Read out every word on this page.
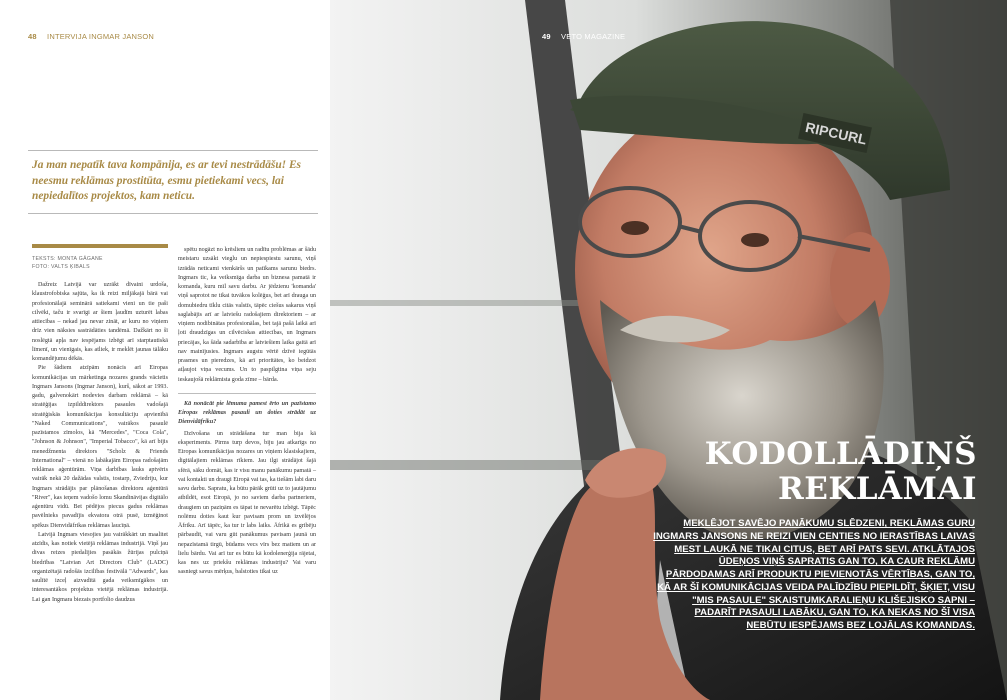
48 INTERVIJA INGMAR JANSON
Ja man nepatīk tava kompānija, es ar tevi nestrādāšu! Es neesmu reklāmas prostitūta, esmu pietiekami vecs, lai nepiedalītos projektos, kam neticu.
TEKSTS: MONTA GĀGANE
FOTO: VALTS ĶIBALS

Dažreiz Latvijā var uzrākt dīvaini urdoša, klaustrofobiska sajūta, ka ik reizi miljākajā bārā vai profesionālajā seminārā satiekami vieni un tie paši cilvēki, taču ir svarīgi ar šiem ļaudīm uzturēt labas attiecības – nekad jau nevar zināt, ar kuru no viņiem drīz vien nāksies sastrādāties tandēmā. Dažkārt no šī noslēgtā apļa nav iespējams izbēgt arī starptautiskā līmenī, un vienīgais, kas atliek, ir meklēt jaunas tālāku komandējumu dēkās.

Pie šādiem atzīpām nonācis arī Eiropas komunikācijas un mārketinga nozares grands vācietis Ingmars Jansons (Ingmar Janson), kurš, sākot ar 1993. gadu, galvenokārt nodevies darbam reklāmā – kā stratēģijas izpilddirektors pasaules vadošajā stratēģiskās komunikācijas konsultāciju apvienībā "Naked Communications", vairākos pasaulē pazīstamos zīmolos, kā "Mercedes", "Coca Cola", "Johnson & Johnson", "Imperial Tobacco", kā arī bijis menedžmenta direktors "Scholz & Friends International" – vienā no labākajām Eiropas radošajām reklāmas aģentūrām. Viņa darbības lauks aptvēris vairāk nekā 20 dažādas valstis, tostarp, Zviedriju, kur Ingmars strādājis par plānošanas direktoru aģentūrā "River", kas ieņem vadošo lomu Skandināvijas digitālo aģentūru vidū. Bet pēdējos piecus gadus reklāmas pavēlnieks pavadījis ekvatora otrā pusē, izmēģinot spēkus Dienvidāfrikas reklāmas laucīņā.

Latvijā Ingmars viesojies jau vairākkārt un maalitet atzīdis, kas notiek vietējā reklāmas industrijā. Viņš jau divas reizes piedalījies pasākās žūrijas pulciņā biedrības "Latvian Art Directors Club" (LADC) organizētajā radošās izcilības festivālā "Adwards", kas saulītē izceļ aizvadītā gada veiksmīgākos un interesantākos projektus vietējā reklāmas industrijā. Lai gan Ingmara biezais portfolio daudzus

spētu nogāzt no krēsliem un radītu problēmas ar šādu meistaru uzsākt vieglu un nepiespiestu sarunu, viņš izrādās neticami vienkāršs un patīkams sarunu biedrs. Ingmars tic, ka veiksmīga darba un biznesa pamatā ir komanda, kuru mīl savu darbu. Ar jēdzienu 'komanda' viņš saprotot ne tikai tuvākos kolēģus, bet arī drauga un domubiedru tīklu citās valstīs, tāpēc ciešus sakarus viņš saglabājis arī ar latviešu radošajiem direktoriem – ar viņiem nodibinātas profesionālas, bet tajā pašā laikā arī ļoti draudzīgas un cilvēciskas attiecības, un Ingmars priecājas, ka šāda sadarbība ar latviešiem laika gaitā arī nav mainījusies. Ingmars augstu vērtē dzīvē iegūtās prasmes un pieredzes, kā arī prioritātes, ko beidzot atļaujot viņa vecums. Un to paspilgtina viņa seju ieskaujošā reklāmista goda zīme – bārda.

Kā nonācāt pie lēmuma pamest ērto un pazīstamo Eiropas reklāmas pasauli un doties strādāt uz Dienvidāfriku?

Dzīvošana un strādāšana tur man bija kā eksperiments. Pirms turp devos, biju jau atkarīgs no Eiropas komunikācijas nozares un viņiem klasiskajiem, digitālajiem reklāmas rīkiem. Jau ilgi strādājot šajā sfērā, sāku domāt, kas ir visu manu panākumu pamatā – vai kontakti un draugi Eiropā vai tas, ka tiešām labi daru savu darbu. Sapratu, ka būtu pārāk grūti uz to jautājumu atbildēt, esot Eiropā, jo no saviem darba partneriem, draugiem un paziņām es tāpat te nevarētu izbēgt. Tāpēc nolēmu doties kaut kur pavisam prom un izvēlējos Āfriku. Arī tāpēc, ka tur ir labs laiks. Āfrikā es gribēju pārbaudīt, vai varu gūt panākumus pavisam jaunā un nepazīstamā tirgū, būdams vecs vīrs bez matiem un ar lielu bārdu. Vai arī tur es būtu kā kodolenerģija rājetai, kas nes uz priekšu reklāmas industriju? Vai varu sasniegt savus mērķus, balstoties tikai uz

RIPCURL
49 VETO MAGAZINE
KODOLLĀDIŅŠ
REKLĀMAI
MEKLĒJOT SAVĒJO PANĀKUMU SLĒDZENI, REKLĀMAS GURU INGMARS JANSONS NE REIZI VIEN CENTIES NO IERASTĪBAS LAIVAS MEST LAUKĀ NE TIKAI CITUS, BET ARĪ PATS SEVI. ATKLĀTAJOS ŪDEŅOS VIŅŠ SAPRATIS GAN TO, KA CAUR REKLĀMU PĀRDODAMAS ARĪ PRODUKTU PIEVIENOTĀS VĒRTĪBAS, GAN TO, KĀ AR ŠĪ KOMUNIKĀCIJAS VEIDA PALĪDZĪBU PIEPILDĪT, ŠĶIET, VISU "MIS PASAULE" SKAISTUMKARALIEŅU KLIŠEJISKO SAPNI – PADARĪT PASAULI LABĀKU, GAN TO, KA NEKAS NO ŠĪ VISA NEBŪTU IESPĒJAMS BEZ LOJĀLAS KOMANDAS.
